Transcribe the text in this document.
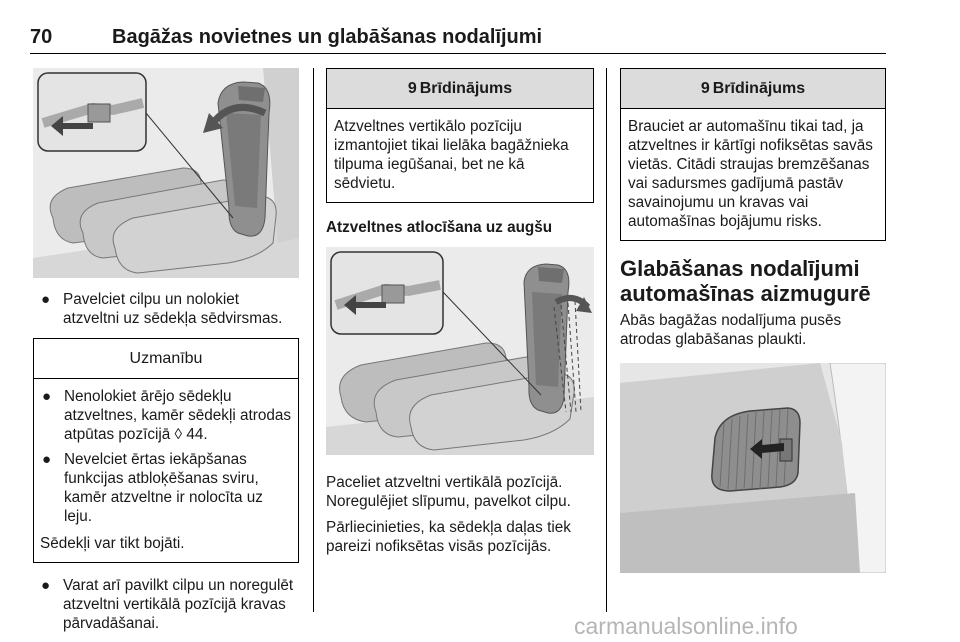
70	Bagāžas novietnes un glabāšanas nodalījumi
● Pavelciet cilpu un nolokiet atzveltni uz sēdekļa sēdvirsmas.
Uzmanību
● Nenolokiet ārējo sēdekļu atzveltnes, kamēr sēdekļi atrodas atpūtas pozīcijā ◊ 44.
● Nevelciet ērtas iekāpšanas funkcijas atbloķēšanas sviru, kamēr atzveltne ir nolocīta uz leju.
Sēdekļi var tikt bojāti.
● Varat arī pavilkt cilpu un noregulēt atzveltni vertikālā pozīcijā kravas pārvadāšanai.
9 Brīdinājums
Atzveltnes vertikālo pozīciju izmantojiet tikai lielāka bagāžnieka tilpuma iegūšanai, bet ne kā sēdvietu.
Atzveltnes atlocīšana uz augšu
Paceliet atzveltni vertikālā pozīcijā. Noregulējiet slīpumu, pavelkot cilpu.
Pārliecinieties, ka sēdekļa daļas tiek pareizi nofiksētas visās pozīcijās.
9 Brīdinājums
Brauciet ar automašīnu tikai tad, ja atzveltnes ir kārtīgi nofiksētas savās vietās. Citādi straujas bremzēšanas vai sadursmes gadījumā pastāv savainojumu un kravas vai automašīnas bojājumu risks.
Glabāšanas nodalījumi automašīnas aizmugurē
Abās bagāžas nodalījuma pusēs atrodas glabāšanas plaukti.
carmanualsonline.info
